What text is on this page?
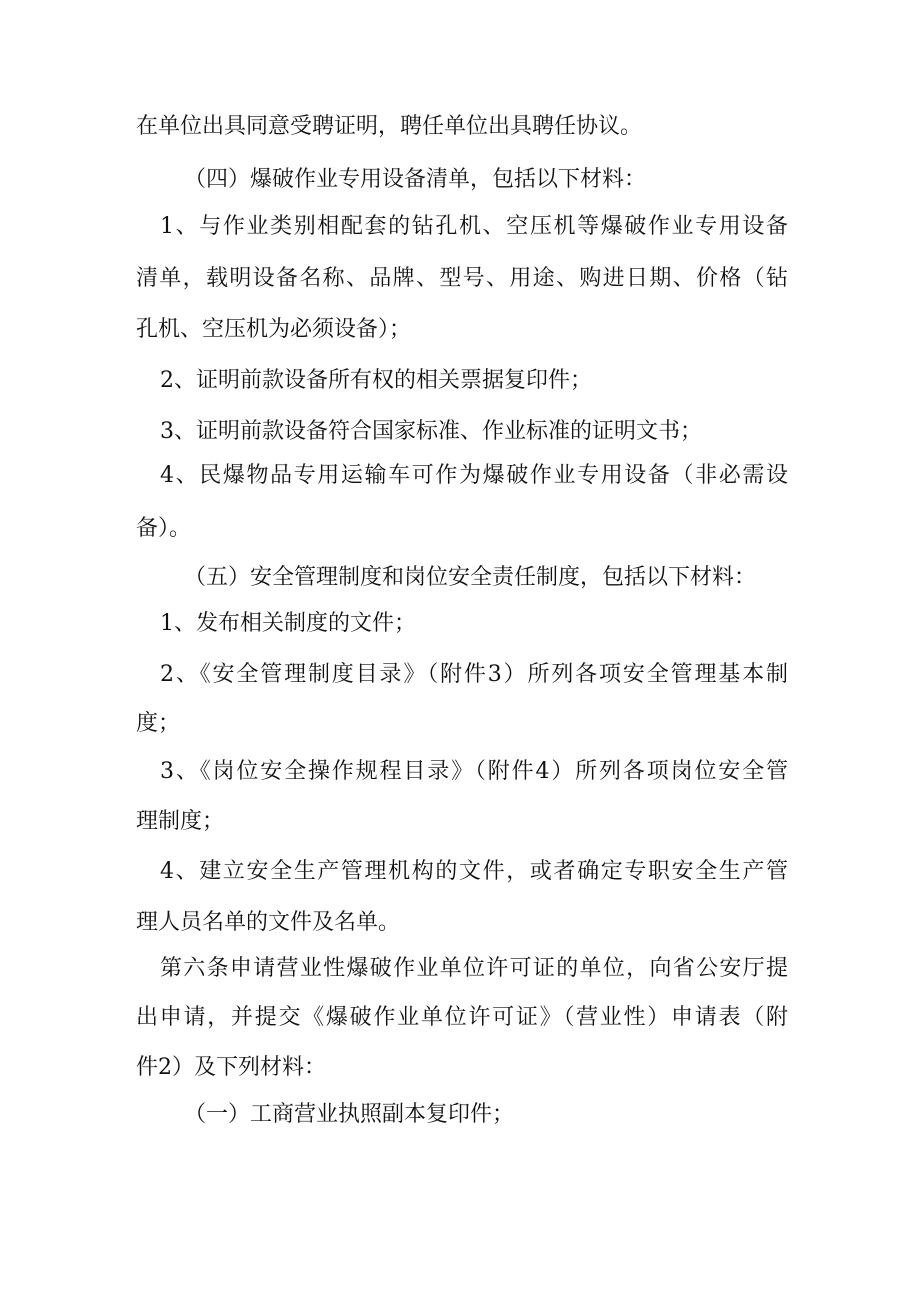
在单位出具同意受聘证明，聘任单位出具聘任协议。
（四）爆破作业专用设备清单，包括以下材料：
1、与作业类别相配套的钻孔机、空压机等爆破作业专用设备
清单，载明设备名称、品牌、型号、用途、购进日期、价格（钻
孔机、空压机为必须设备）；
2、证明前款设备所有权的相关票据复印件；
3、证明前款设备符合国家标准、作业标准的证明文书；
4、民爆物品专用运输车可作为爆破作业专用设备（非必需设
备）。
（五）安全管理制度和岗位安全责任制度，包括以下材料：
1、发布相关制度的文件；
2、《安全管理制度目录》（附件3）所列各项安全管理基本制
度；
3、《岗位安全操作规程目录》（附件4）所列各项岗位安全管
理制度；
4、建立安全生产管理机构的文件，或者确定专职安全生产管
理人员名单的文件及名单。
第六条申请营业性爆破作业单位许可证的单位，向省公安厅提
出申请，并提交《爆破作业单位许可证》（营业性）申请表（附
件2）及下列材料：
（一）工商营业执照副本复印件；
